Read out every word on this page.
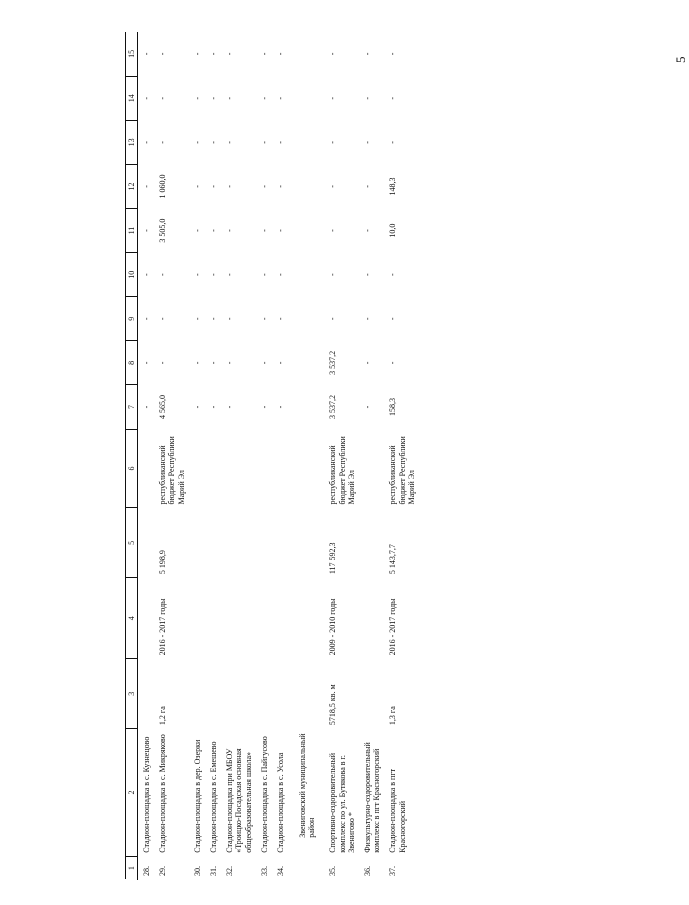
5
1	2	3	4	5	6	7	8	9	10	11	12	13	14	15
28.	Стадион-площадка в с. Кузнецово					-	-	-	-	-	-	-	-	-
29.	Стадион-площадка в с. Микряково	1,2 га	2016 - 2017 годы	5 198,9	республиканский бюджет Республики Марий Эл	4 565,0	-	-	-	3 505,0	1 060,0	-	-	-
30.	Стадион-площадка в дер. Озерки					-	-	-	-	-	-	-	-	-
31.	Стадион-площадка в с. Емешево					-	-	-	-	-	-	-	-	-
32.	Стадион-площадка при МБОУ «Троицко-Посадская основная общеобразовательная школа»					-	-	-	-	-	-	-	-	-
33.	Стадион-площадка в с. Пайгусово					-	-	-	-	-	-	-	-	-
34.	Стадион-площадка в с. Усола					-	-	-	-	-	-	-	-	-
	Звениговский муниципальный район													
35.	Спортивно-оздоровительный комплекс по ул. Бутякова в г. Звенигово *	5718,5 кв. м	2009 - 2010 годы	117 592,3	республиканский бюджет Республики Марий Эл	3 537,2	3 537,2	-	-	-	-	-	-	-
36.	Физкультурно-оздоровительный комплекс в пгт Красногорский					-	-	-	-	-	-	-	-	-
37.	Стадион-площадка в пгт Красногорский	1,3 га	2016 - 2017 годы	5 143,7,7	республиканский бюджет Республики Марий Эл	158,3	-	-	-	10,0	148,3	-	-	-
